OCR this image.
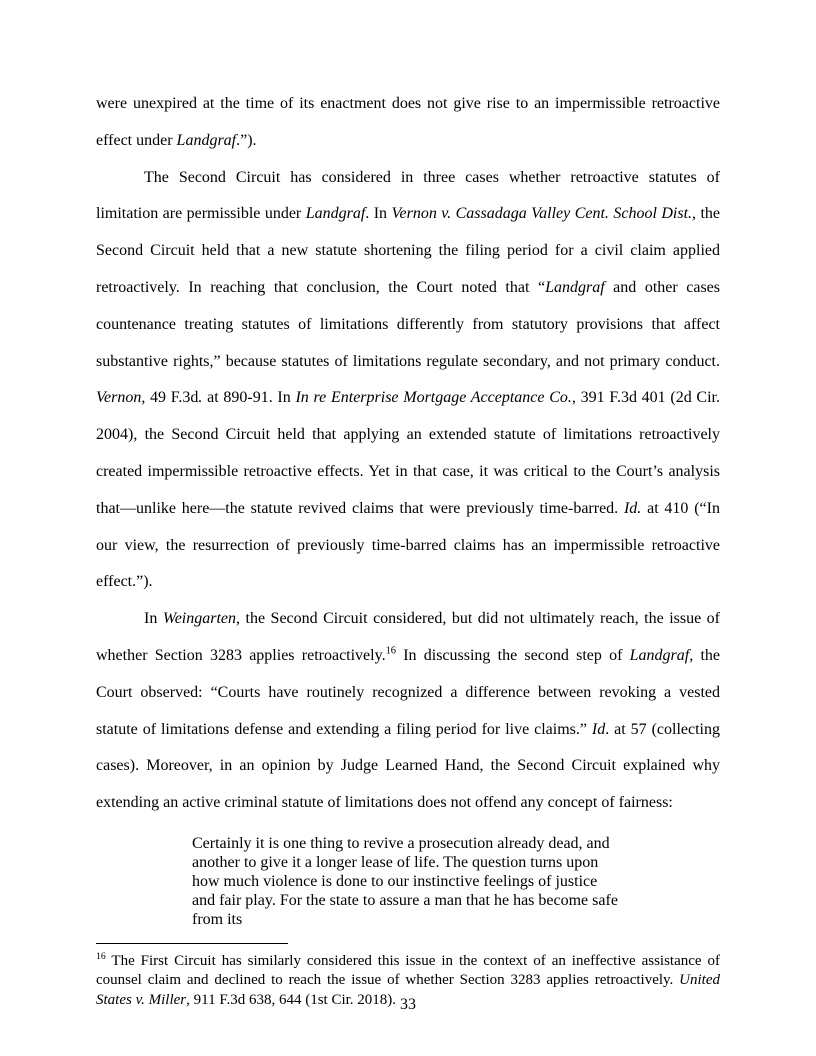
were unexpired at the time of its enactment does not give rise to an impermissible retroactive effect under Landgraf.”).

The Second Circuit has considered in three cases whether retroactive statutes of limitation are permissible under Landgraf. In Vernon v. Cassadaga Valley Cent. School Dist., the Second Circuit held that a new statute shortening the filing period for a civil claim applied retroactively. In reaching that conclusion, the Court noted that “Landgraf and other cases countenance treating statutes of limitations differently from statutory provisions that affect substantive rights,” because statutes of limitations regulate secondary, and not primary conduct. Vernon, 49 F.3d. at 890-91. In In re Enterprise Mortgage Acceptance Co., 391 F.3d 401 (2d Cir. 2004), the Second Circuit held that applying an extended statute of limitations retroactively created impermissible retroactive effects. Yet in that case, it was critical to the Court’s analysis that—unlike here—the statute revived claims that were previously time-barred. Id. at 410 (“In our view, the resurrection of previously time-barred claims has an impermissible retroactive effect.”).

In Weingarten, the Second Circuit considered, but did not ultimately reach, the issue of whether Section 3283 applies retroactively.$^{16}$ In discussing the second step of Landgraf, the Court observed: “Courts have routinely recognized a difference between revoking a vested statute of limitations defense and extending a filing period for live claims.” Id. at 57 (collecting cases). Moreover, in an opinion by Judge Learned Hand, the Second Circuit explained why extending an active criminal statute of limitations does not offend any concept of fairness:

Certainly it is one thing to revive a prosecution already dead, and another to give it a longer lease of life. The question turns upon how much violence is done to our instinctive feelings of justice and fair play. For the state to assure a man that he has become safe from its

$^{16}$ The First Circuit has similarly considered this issue in the context of an ineffective assistance of counsel claim and declined to reach the issue of whether Section 3283 applies retroactively. United States v. Miller, 911 F.3d 638, 644 (1st Cir. 2018). 33
